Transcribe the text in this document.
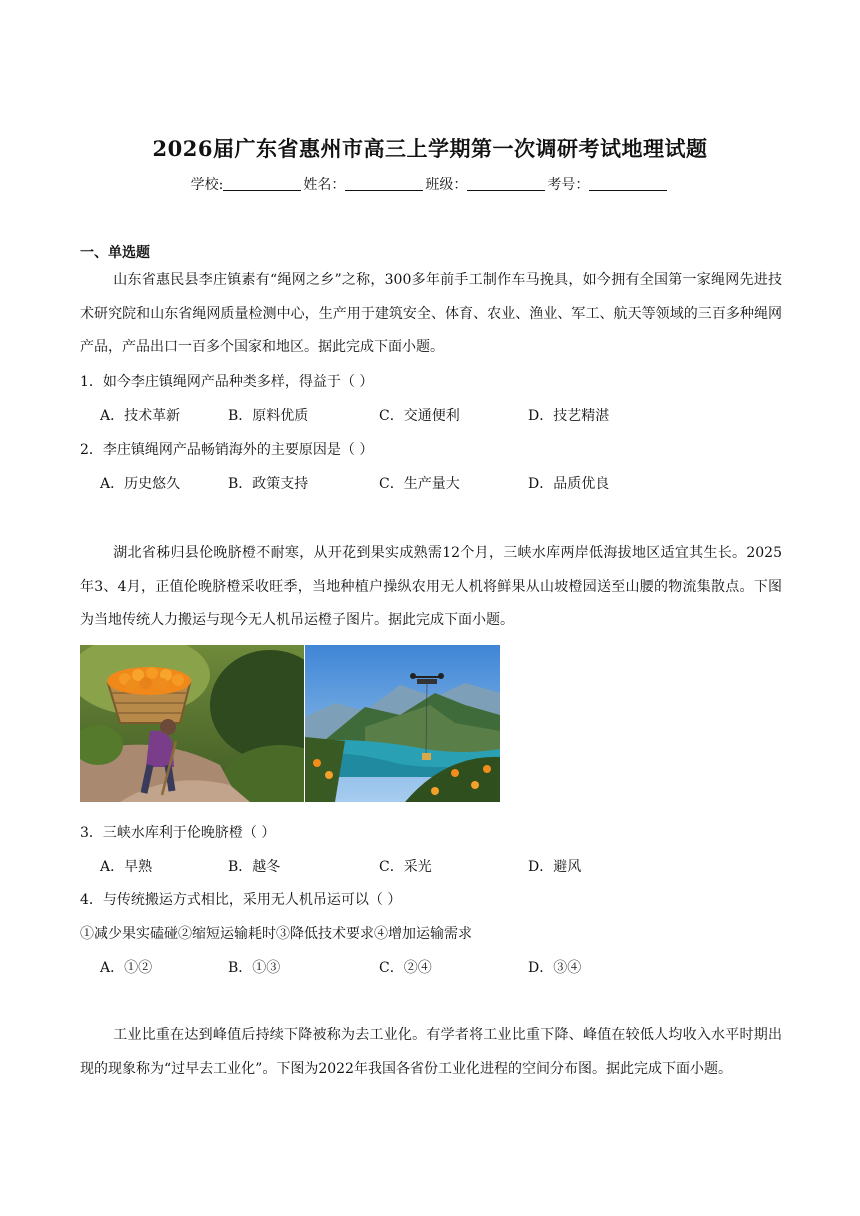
2026届广东省惠州市高三上学期第一次调研考试地理试题
学校:	姓名：	班级：	考号：
一、单选题
山东省惠民县李庄镇素有“绳网之乡”之称，300多年前手工制作车马挽具，如今拥有全国第一家绳网先进技术研究院和山东省绳网质量检测中心，生产用于建筑安全、体育、农业、渔业、军工、航天等领域的三百多种绳网产品，产品出口一百多个国家和地区。据此完成下面小题。
1．如今李庄镇绳网产品种类多样，得益于（ ）
A．技术革新	B．原料优质	C．交通便利	D．技艺精湛
2．李庄镇绳网产品畅销海外的主要原因是（ ）
A．历史悠久	B．政策支持	C．生产量大	D．品质优良
湖北省秭归县伦晚脐橙不耐寒，从开花到果实成熟需12个月，三峡水库两岸低海拔地区适宜其生长。2025年3、4月，正值伦晚脐橙采收旺季，当地种植户操纵农用无人机将鲜果从山坡橙园送至山腰的物流集散点。下图为当地传统人力搬运与现今无人机吊运橙子图片。据此完成下面小题。
3．三峡水库利于伦晚脐橙（ ）
A．早熟	B．越冬	C．采光	D．避风
4．与传统搬运方式相比，采用无人机吊运可以（ ）
①减少果实磕碰②缩短运输耗时③降低技术要求④增加运输需求
A．①②	B．①③	C．②④	D．③④
工业比重在达到峰值后持续下降被称为去工业化。有学者将工业比重下降、峰值在较低人均收入水平时期出现的现象称为“过早去工业化”。下图为2022年我国各省份工业化进程的空间分布图。据此完成下面小题。
